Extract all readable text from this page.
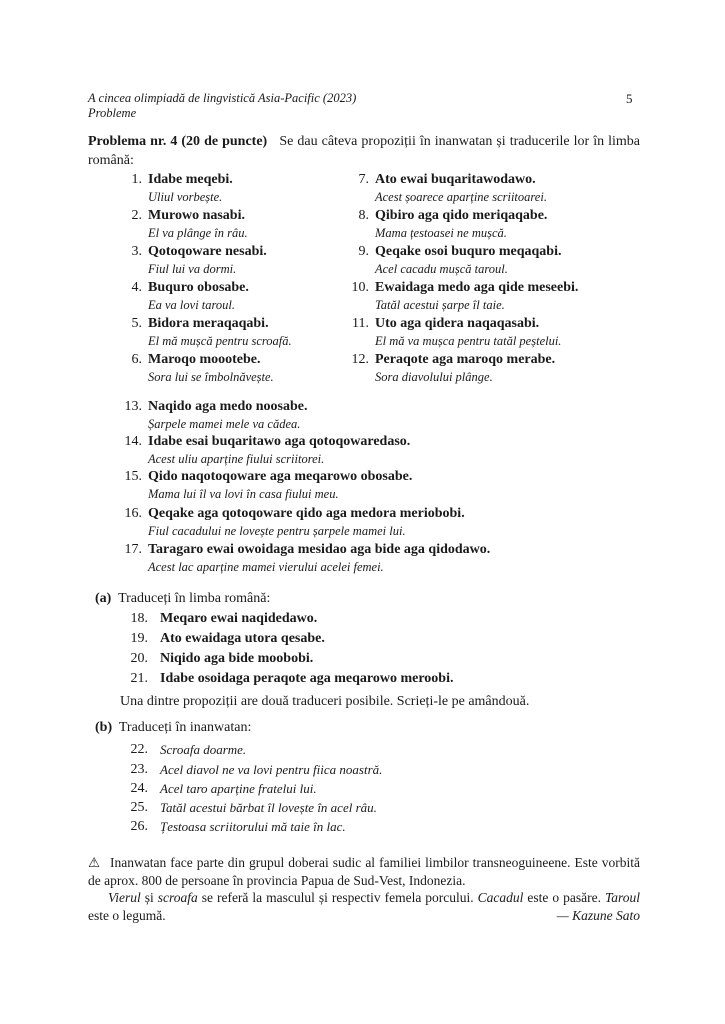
A cincea olimpiadă de lingvistică Asia-Pacific (2023)
Probleme
5
Problema nr. 4 (20 de puncte) Se dau câteva propoziții în inanwatan și traducerile lor în limba română:
1. Idabe meqebi.
Uliul vorbește.
2. Murowo nasabi.
El va plânge în râu.
3. Qotoqoware nesabi.
Fiul lui va dormi.
4. Buquro obosabe.
Ea va lovi taroul.
5. Bidora meraqaqabi.
El mă mușcă pentru scroafă.
6. Maroqo moootebe.
Sora lui se îmbolnăvește.
7. Ato ewai buqaritawodawo.
Acest șoarece aparține scriitoarei.
8. Qibiro aga qido meriqaqabe.
Mama țestoasei ne mușcă.
9. Qeqake osoi buquro meqaqabi.
Acel cacadu mușcă taroul.
10. Ewaidaga medo aga qide meseebi.
Tatăl acestui șarpe îl taie.
11. Uto aga qidera naqaqasabi.
El mă va mușca pentru tatăl peștelui.
12. Peraqote aga maroqo merabe.
Sora diavolului plânge.
13. Naqido aga medo noosabe.
Șarpele mamei mele va cădea.
14. Idabe esai buqaritawo aga qotoqowaredaso.
Acest uliu aparține fiului scriitorei.
15. Qido naqotoqoware aga meqarowo obosabe.
Mama lui îl va lovi în casa fiului meu.
16. Qeqake aga qotoqoware qido aga medora meriobobi.
Fiul cacadului ne lovește pentru șarpele mamei lui.
17. Taragaro ewai owoidaga mesidao aga bide aga qidodawo.
Acest lac aparține mamei vierului acelei femei.
(a) Traduceți în limba română:
18. Meqaro ewai naqidedawo.
19. Ato ewaidaga utora qesabe.
20. Niqido aga bide moobobi.
21. Idabe osoidaga peraqote aga meqarowo meroobi.
Una dintre propoziții are două traduceri posibile. Scrieți-le pe amândouă.
(b) Traduceți în inanwatan:
22. Scroafa doarme.
23. Acel diavol ne va lovi pentru fiica noastră.
24. Acel taro aparține fratelui lui.
25. Tatăl acestui bărbat îl lovește în acel râu.
26. Țestoasa scriitorului mă taie în lac.
⚠ Inanwatan face parte din grupul doberai sudic al familiei limbilor transneoguineene. Este vorbită de aprox. 800 de persoane în provincia Papua de Sud-Vest, Indonezia.
Vierul și scroafa se referă la masculul și respectiv femela porcului. Cacadul este o pasăre. Taroul este o legumă.	— Kazune Sato
